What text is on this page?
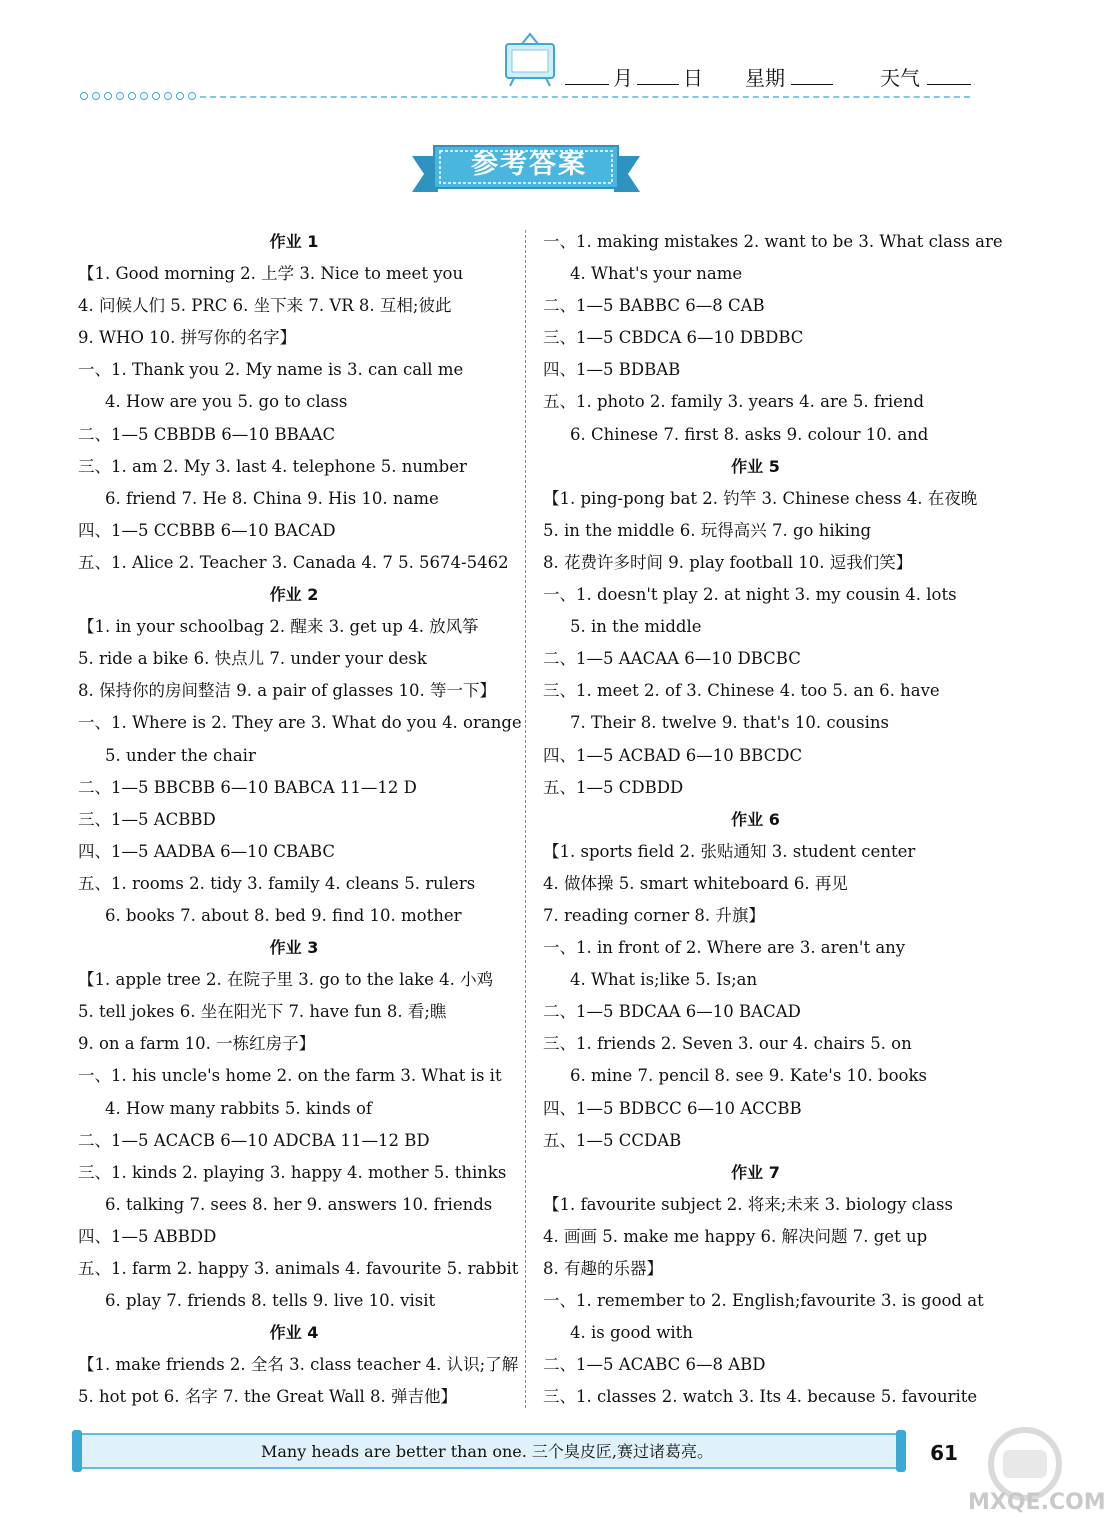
月	日 星期	天气
参考答案
作业 1
【1. Good morning 2. 上学 3. Nice to meet you
4. 问候人们 5. PRC 6. 坐下来 7. VR 8. 互相;彼此
9. WHO 10. 拼写你的名字】
一、1. Thank you 2. My name is 3. can call me
4. How are you 5. go to class
二、1—5 CBBDB 6—10 BBAAC
三、1. am 2. My 3. last 4. telephone 5. number
6. friend 7. He 8. China 9. His 10. name
四、1—5 CCBBB 6—10 BACAD
五、1. Alice 2. Teacher 3. Canada 4. 7 5. 5674-5462
作业 2
【1. in your schoolbag 2. 醒来 3. get up 4. 放风筝
5. ride a bike 6. 快点儿 7. under your desk
8. 保持你的房间整洁 9. a pair of glasses 10. 等一下】
一、1. Where is 2. They are 3. What do you 4. orange
5. under the chair
二、1—5 BBCBB 6—10 BABCA 11—12 D
三、1—5 ACBBD
四、1—5 AADBA 6—10 CBABC
五、1. rooms 2. tidy 3. family 4. cleans 5. rulers
6. books 7. about 8. bed 9. find 10. mother
作业 3
【1. apple tree 2. 在院子里 3. go to the lake 4. 小鸡
5. tell jokes 6. 坐在阳光下 7. have fun 8. 看;瞧
9. on a farm 10. 一栋红房子】
一、1. his uncle's home 2. on the farm 3. What is it
4. How many rabbits 5. kinds of
二、1—5 ACACB 6—10 ADCBA 11—12 BD
三、1. kinds 2. playing 3. happy 4. mother 5. thinks
6. talking 7. sees 8. her 9. answers 10. friends
四、1—5 ABBDD
五、1. farm 2. happy 3. animals 4. favourite 5. rabbit
6. play 7. friends 8. tells 9. live 10. visit
作业 4
【1. make friends 2. 全名 3. class teacher 4. 认识;了解
5. hot pot 6. 名字 7. the Great Wall 8. 弹吉他】
一、1. making mistakes 2. want to be 3. What class are
4. What's your name
二、1—5 BABBC 6—8 CAB
三、1—5 CBDCA 6—10 DBDBC
四、1—5 BDBAB
五、1. photo 2. family 3. years 4. are 5. friend
6. Chinese 7. first 8. asks 9. colour 10. and
作业 5
【1. ping-pong bat 2. 钓竿 3. Chinese chess 4. 在夜晚
5. in the middle 6. 玩得高兴 7. go hiking
8. 花费许多时间 9. play football 10. 逗我们笑】
一、1. doesn't play 2. at night 3. my cousin 4. lots
5. in the middle
二、1—5 AACAA 6—10 DBCBC
三、1. meet 2. of 3. Chinese 4. too 5. an 6. have
7. Their 8. twelve 9. that's 10. cousins
四、1—5 ACBAD 6—10 BBCDC
五、1—5 CDBDD
作业 6
【1. sports field 2. 张贴通知 3. student center
4. 做体操 5. smart whiteboard 6. 再见
7. reading corner 8. 升旗】
一、1. in front of 2. Where are 3. aren't any
4. What is;like 5. Is;an
二、1—5 BDCAA 6—10 BACAD
三、1. friends 2. Seven 3. our 4. chairs 5. on
6. mine 7. pencil 8. see 9. Kate's 10. books
四、1—5 BDBCC 6—10 ACCBB
五、1—5 CCDAB
作业 7
【1. favourite subject 2. 将来;未来 3. biology class
4. 画画 5. make me happy 6. 解决问题 7. get up
8. 有趣的乐器】
一、1. remember to 2. English;favourite 3. is good at
4. is good with
二、1—5 ACABC 6—8 ABD
三、1. classes 2. watch 3. Its 4. because 5. favourite
Many heads are better than one. 三个臭皮匠,赛过诸葛亮。	61
MXQE.COM
